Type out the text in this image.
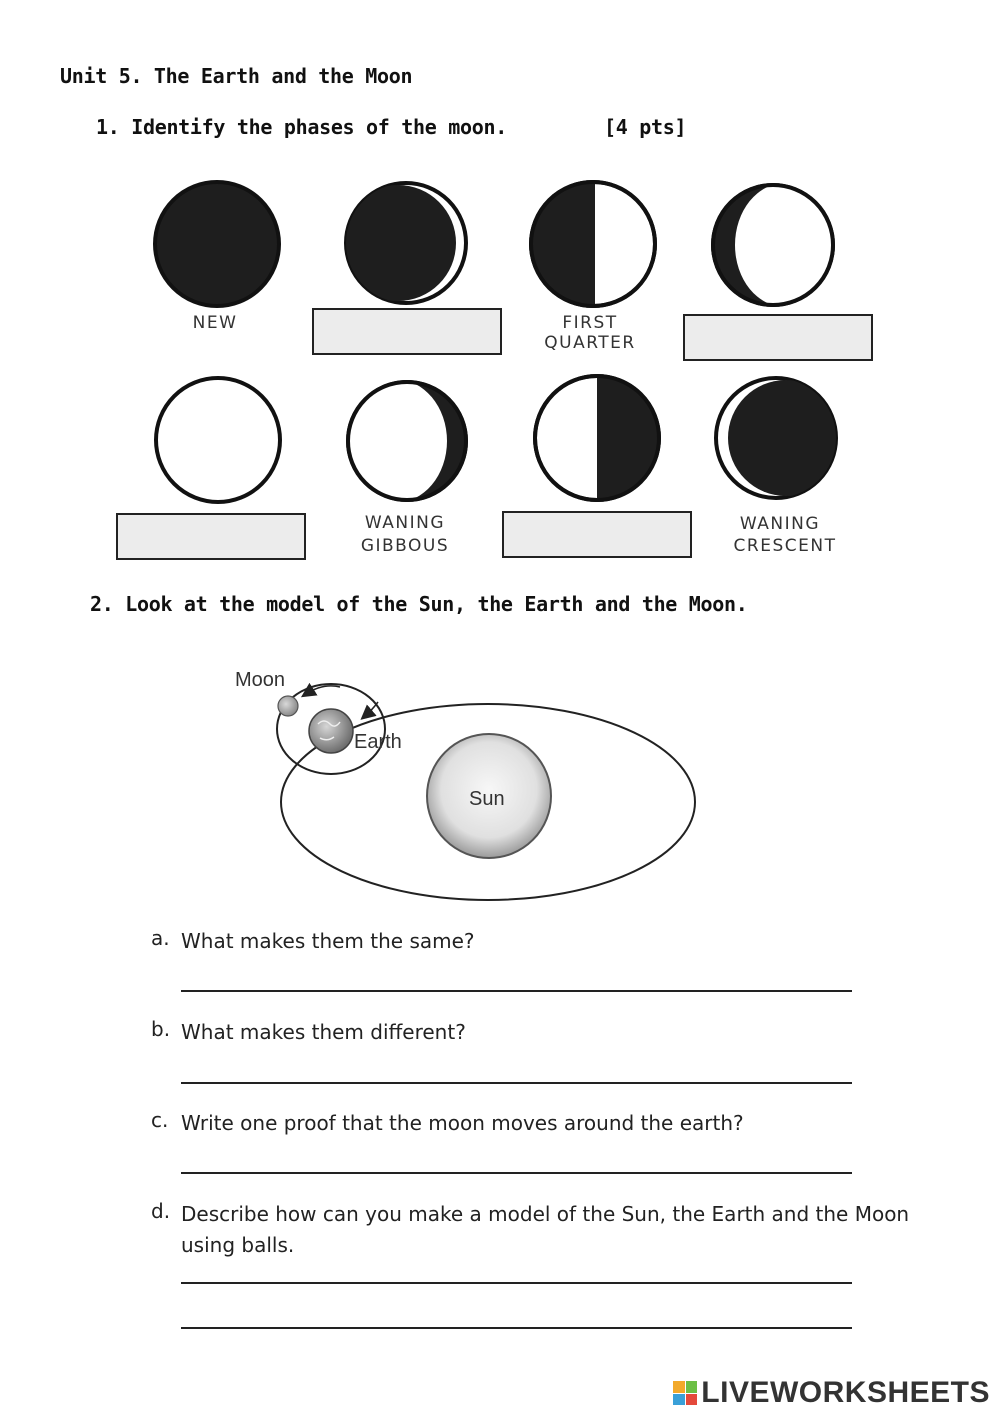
Unit 5. The Earth and the Moon
1. Identify the phases of the moon.	[4 pts]
NEW	FIRST
QUARTER
WANING
GIBBOUS
WANING
CRESCENT
2. Look at the model of the Sun, the Earth and the Moon.
Moon
Earth
Sun
a. What makes them the same?
b. What makes them different?
c. Write one proof that the moon moves around the earth?
d. Describe how can you make a model of the Sun, the Earth and the Moon using balls.
LIVEWORKSHEETS
